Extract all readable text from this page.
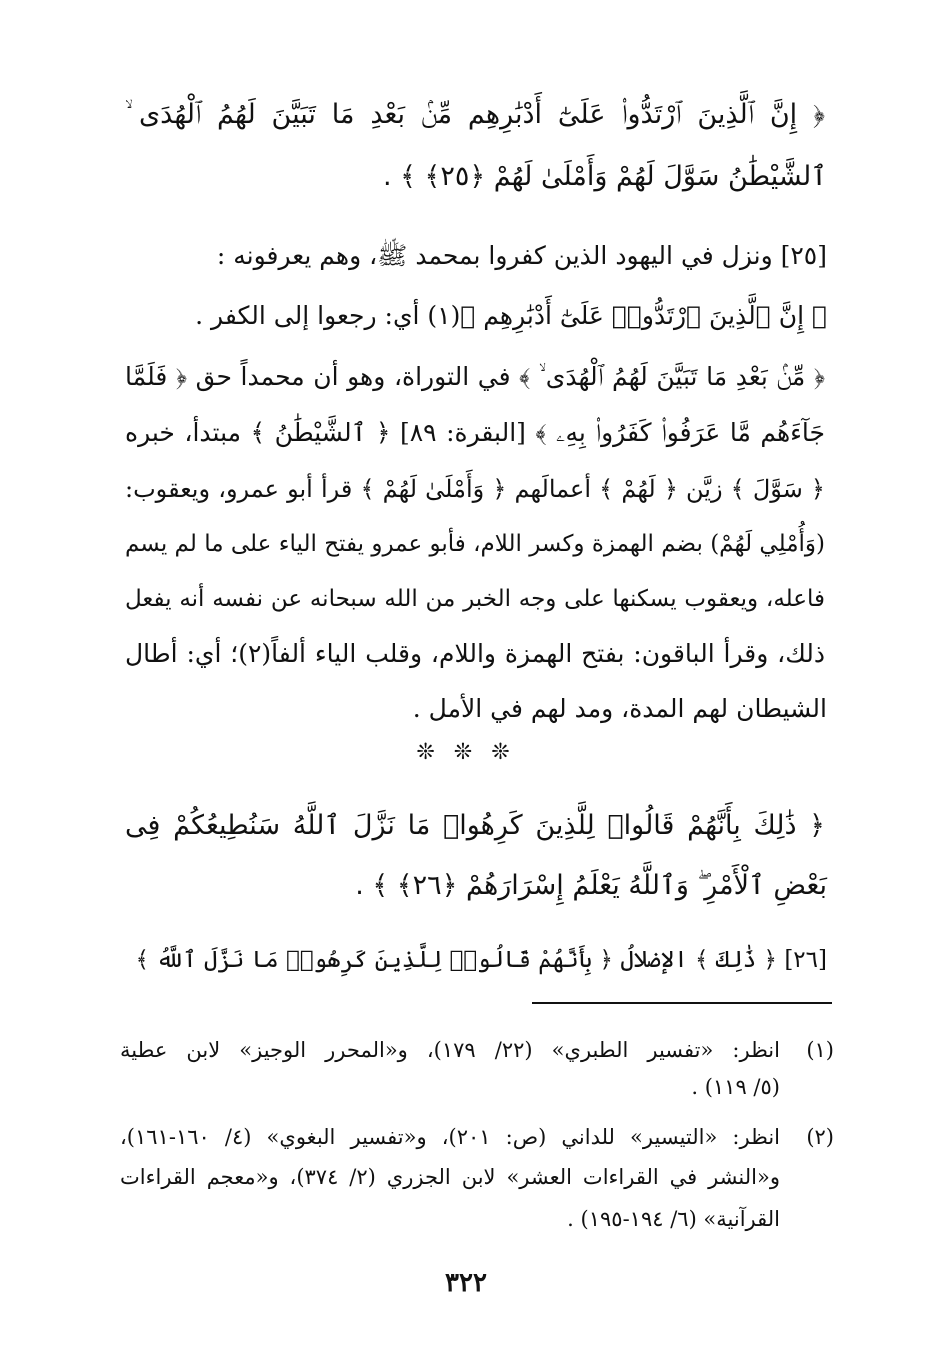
﴿ إِنَّ ٱلَّذِينَ ٱرْتَدُّوا۟ عَلَىٰٓ أَدْبَٰرِهِم مِّنۢ بَعْدِ مَا تَبَيَّنَ لَهُمُ ٱلْهُدَى ۙ
ٱلشَّيْطَٰنُ سَوَّلَ لَهُمْ وَأَمْلَىٰ لَهُمْ ﴿٢٥﴾ ﴾ .
[٢٥] ونزل في اليهود الذين كفروا بمحمد ﷺ، وهم يعرفونه :
﴿ إِنَّ ٱلَّذِينَ ٱرْتَدُّوا۟ عَلَىٰٓ أَدْبَٰرِهِم ﴾(١) أي: رجعوا إلى الكفر .
﴿ مِّنۢ بَعْدِ مَا تَبَيَّنَ لَهُمُ ٱلْهُدَى ۙ ﴾ في التوراة، وهو أن محمداً حق ﴿ فَلَمَّا
جَآءَهُم مَّا عَرَفُوا۟ كَفَرُوا۟ بِهِۦ ﴾ [البقرة: ٨٩] ﴿ ٱلشَّيْطَٰنُ ﴾ مبتدأ، خبره
﴿ سَوَّلَ ﴾ زيَّن ﴿ لَهُمْ ﴾ أعمالَهم ﴿ وَأَمْلَىٰ لَهُمْ ﴾ قرأ أبو عمرو، ويعقوب:
(وَأُمْلِي لَهُمْ) بضم الهمزة وكسر اللام، فأبو عمرو يفتح الياء على ما لم يسم
فاعله، ويعقوب يسكنها على وجه الخبر من الله سبحانه عن نفسه أنه يفعل
ذلك، وقرأ الباقون: بفتح الهمزة واللام، وقلب الياء ألفاً(٢)؛ أي: أطال
الشيطان لهم المدة، ومد لهم في الأمل .
❊ ❊ ❊
﴿ ذَٰلِكَ بِأَنَّهُمْ قَالُوا۟ لِلَّذِينَ كَرِهُوا۟ مَا نَزَّلَ ٱللَّهُ سَنُطِيعُكُمْ فِى
بَعْضِ ٱلْأَمْرِ ۖ وَٱللَّهُ يَعْلَمُ إِسْرَارَهُمْ ﴿٢٦﴾ ﴾ .
[٢٦] ﴿ ذَٰلِكَ ﴾ الإضلالُ ﴿ بِأَنَّهُمْ قَالُوا۟ لِلَّذِينَ كَرِهُوا۟ مَا نَزَّلَ ٱللَّهُ ﴾
(١)
انظر: «تفسير الطبري» (٢٢/ ١٧٩)، و«المحرر الوجيز» لابن عطية
(٥/ ١١٩) .
(٢)
انظر: «التيسير» للداني (ص: ٢٠١)، و«تفسير البغوي» (٤/ ١٦٠-١٦١)،
و«النشر في القراءات العشر» لابن الجزري (٢/ ٣٧٤)، و«معجم القراءات
القرآنية» (٦/ ١٩٤-١٩٥) .
٣٢٢
